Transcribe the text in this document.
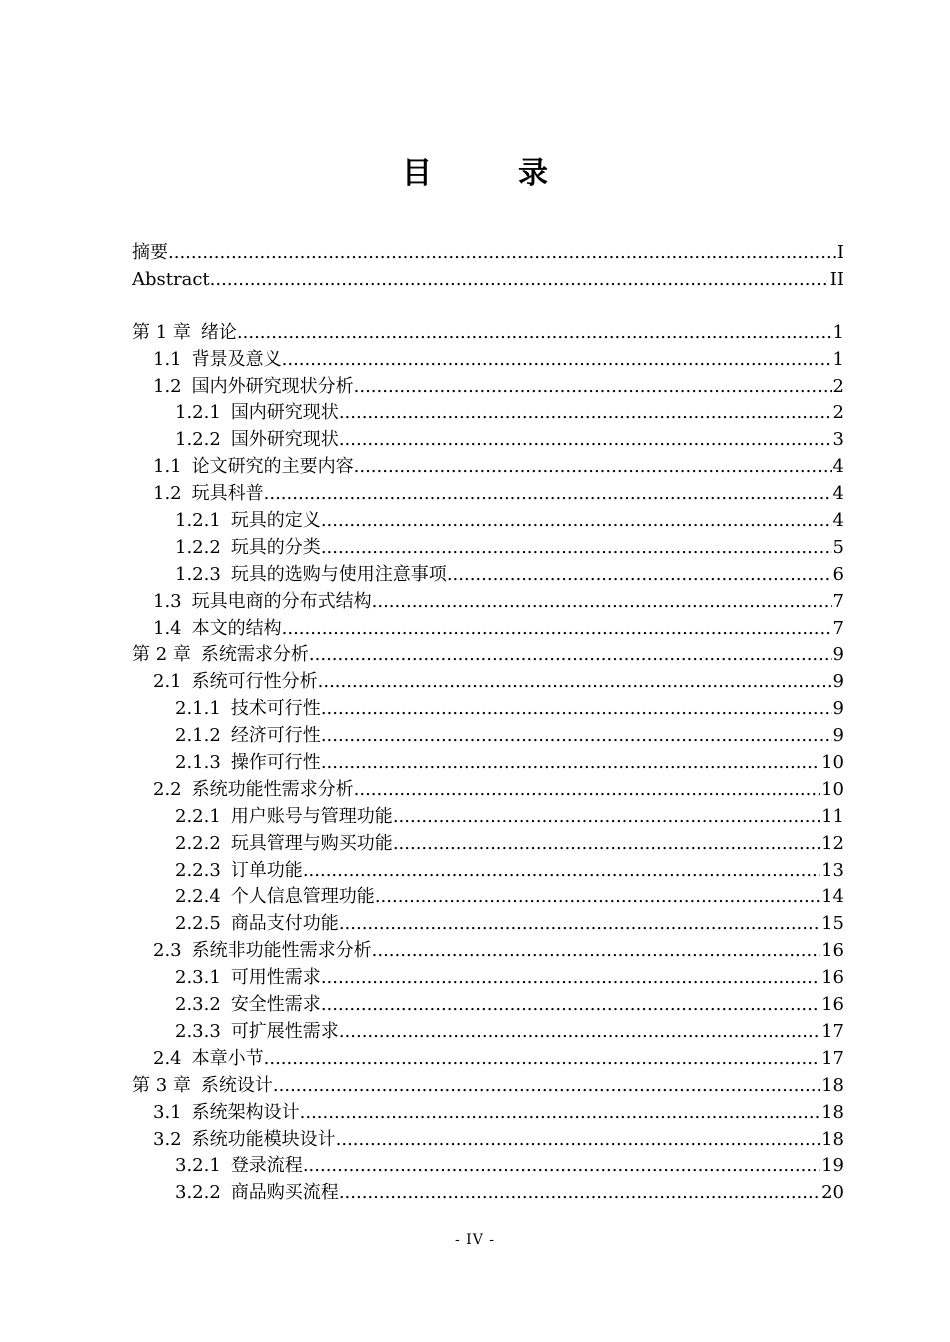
目　录
摘要 .....	I
Abstract .....	II
第 1 章 绪论 .....	1
1.1 背景及意义 .....	1
1.2 国内外研究现状分析 .....	2
1.2.1 国内研究现状 .....	2
1.2.2 国外研究现状 .....	3
1.1 论文研究的主要内容 .....	4
1.2 玩具科普 .....	4
1.2.1 玩具的定义 .....	4
1.2.2 玩具的分类 .....	5
1.2.3 玩具的选购与使用注意事项 .....	6
1.3 玩具电商的分布式结构 .....	7
1.4 本文的结构 .....	7
第 2 章 系统需求分析 .....	9
2.1 系统可行性分析 .....	9
2.1.1 技术可行性 .....	9
2.1.2 经济可行性 .....	9
2.1.3 操作可行性 .....	10
2.2 系统功能性需求分析 .....	10
2.2.1 用户账号与管理功能 .....	11
2.2.2 玩具管理与购买功能 .....	12
2.2.3 订单功能 .....	13
2.2.4 个人信息管理功能 .....	14
2.2.5 商品支付功能 .....	15
2.3 系统非功能性需求分析 .....	16
2.3.1 可用性需求 .....	16
2.3.2 安全性需求 .....	16
2.3.3 可扩展性需求 .....	17
2.4 本章小节 .....	17
第 3 章 系统设计 .....	18
3.1 系统架构设计 .....	18
3.2 系统功能模块设计 .....	18
3.2.1 登录流程 .....	19
3.2.2 商品购买流程 .....	20
- IV -
